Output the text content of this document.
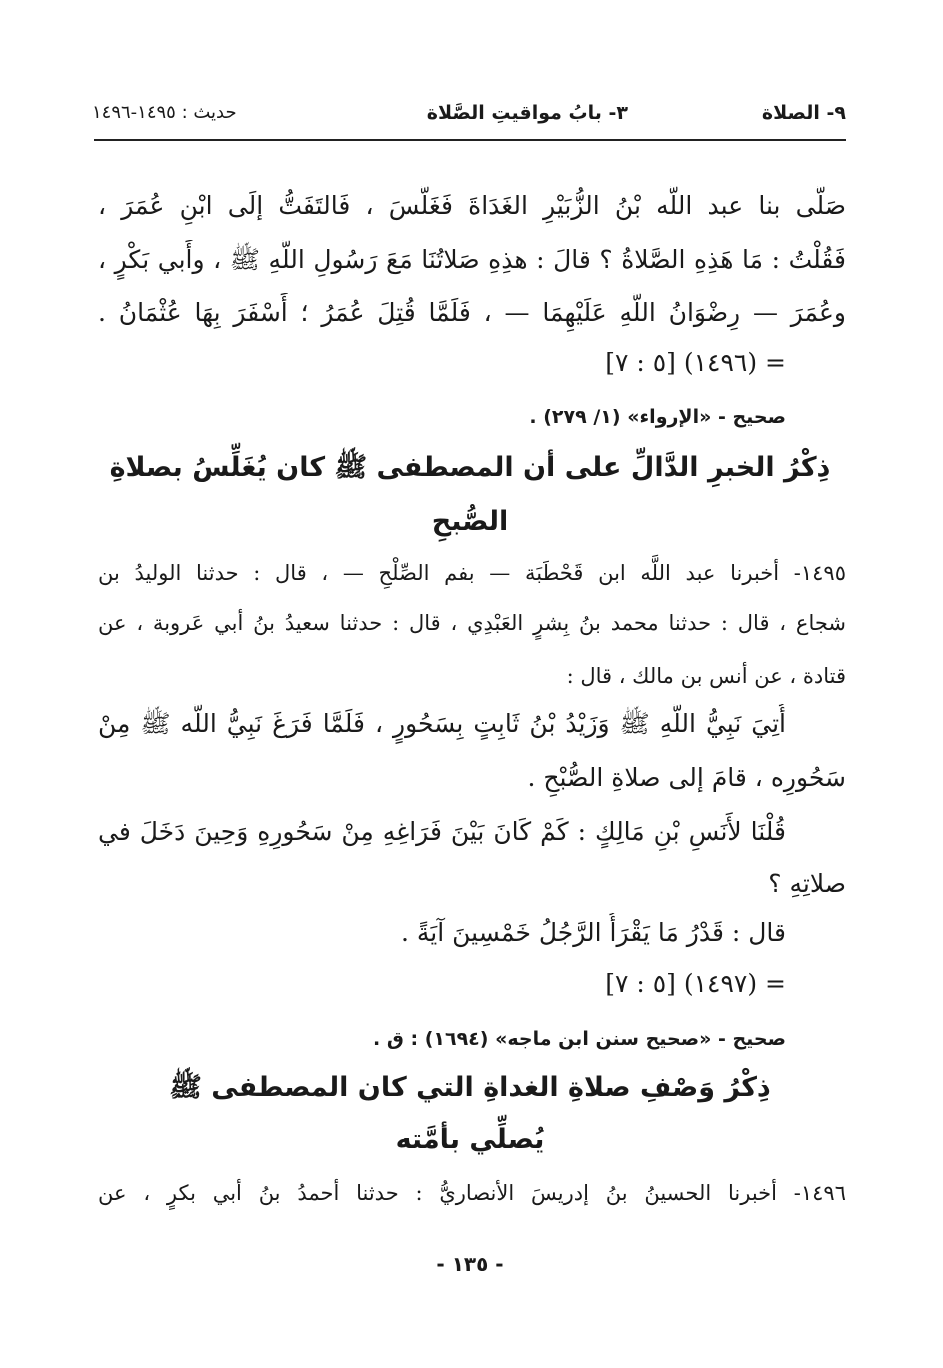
٩- الصلاة
٣- بابُ مواقيتِ الصَّلاة
حديث : ١٤٩٥-١٤٩٦
صَلَّى بنا عبد اللَّه بْنُ الزُّبَيْرِ الغَدَاةَ فَغَلَّسَ ، فَالتَفَتُّ إلَى ابْنِ عُمَرَ ،
فَقُلْتُ : مَا هَذِهِ الصَّلاةُ ؟ قالَ : هذِهِ صَلاتُنَا مَعَ رَسُولِ اللَّهِ ﷺ ، وأَبي بَكْرٍ ،
وعُمَرَ — رِضْوَانُ اللَّهِ عَلَيْهِمَا — ، فَلَمَّا قُتِلَ عُمَرُ ؛ أَسْفَرَ بِهَا عُثْمَانُ .
= (١٤٩٦) [٥ : ٧]
صحيح - «الإرواء» (١/ ٢٧٩) .
ذِكْرُ الخبرِ الدَّالِّ على أن المصطفى ﷺ كان يُغَلِّسُ بصلاةِ
الصُّبحِ
١٤٩٥- أخبرنا عبد اللَّه ابن قَحْطَبَة — بفم الصِّلْحِ — ، قال : حدثنا الوليدُ بن
شجاع ، قال : حدثنا محمد بنُ بِشرٍ العَبْدِي ، قال : حدثنا سعيدُ بنُ أبي عَروبة ، عن
قتادة ، عن أنس بن مالك ، قال :
أُتِيَ نَبِيُّ اللَّهِ ﷺ وَزَيْدُ بْنُ ثَابِتٍ بِسَحُورٍ ، فَلَمَّا فَرَغَ نَبِيُّ اللَّه ﷺ مِنْ
سَحُورِه ، قامَ إلى صلاةِ الصُّبْحِ .
قُلْنَا لأَنَسِ بْنِ مَالِكٍ : كَمْ كَانَ بَيْنَ فَرَاغِهِ مِنْ سَحُورِهِ وَحِينَ دَخَلَ في
صلاتِهِ ؟
قال : قَدْرُ مَا يَقْرَأُ الرَّجُلُ خَمْسِينَ آيَةً .
= (١٤٩٧) [٥ : ٧]
صحيح - «صحيح سنن ابن ماجه» (١٦٩٤) : ق .
ذِكْرُ وَصْفِ صلاةِ الغداةِ التي كان المصطفى ﷺ
يُصلِّي بأمَّته
١٤٩٦- أخبرنا الحسينُ بنُ إدريسَ الأنصاريُّ : حدثنا أحمدُ بنُ أبي بكرٍ ، عن
- ١٣٥ -
